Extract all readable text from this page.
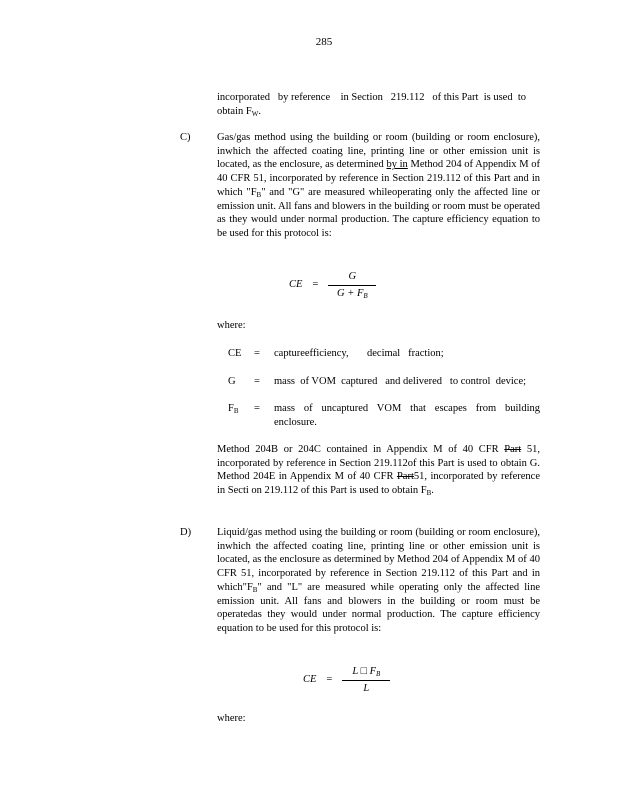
285
incorporated   by reference    in Section   219.112   of this Part  is used  to
obtain $F_W$.
C)	Gas/gas method using the building or room (building or room enclosure), inwhich the affected coating line, printing line or other emission unit is located, as the enclosure, as determined by in Method 204 of Appendix M of 40 CFR 51, incorporated by reference in Section 219.112 of this Part and in which "$F_B$" and "G" are measured whileoperating only the affected line or emission unit. All fans and blowers in the building or room must be operated as they would under normal production. The capture efficiency equation to be used for this protocol is:
CE = $\frac{G}{G + F_B}$
where:
CE	=	captureefficiency,       decimal   fraction;
G	=	mass  of VOM  captured   and delivered   to control  device;
$F_B$	=	mass of uncaptured VOM that escapes from building enclosure.
Method 204B or 204C contained in Appendix M of 40 CFR Part 51, incorporated by reference in Section 219.112of this Part is used to obtain G. Method 204E in Appendix M of 40 CFR Part51, incorporated by reference in Secti on 219.112 of this Part is used to obtain $F_B$.
D) Liquid/gas method using the building or room (building or room enclosure), inwhich the affected coating line, printing line or other emission unit is located, as the enclosure as determined by Method 204 of Appendix M of 40 CFR 51, incorporated by reference in Section 219.112 of this Part and in $which"F_B$" and "L" are measured while operating only the affected line emission unit. All fans and blowers in the building or room must be operatedas they would under normal production. The capture efficiency equation to be used for this protocol is:
CE = $\frac{L □ F_B}{L}$
where:
